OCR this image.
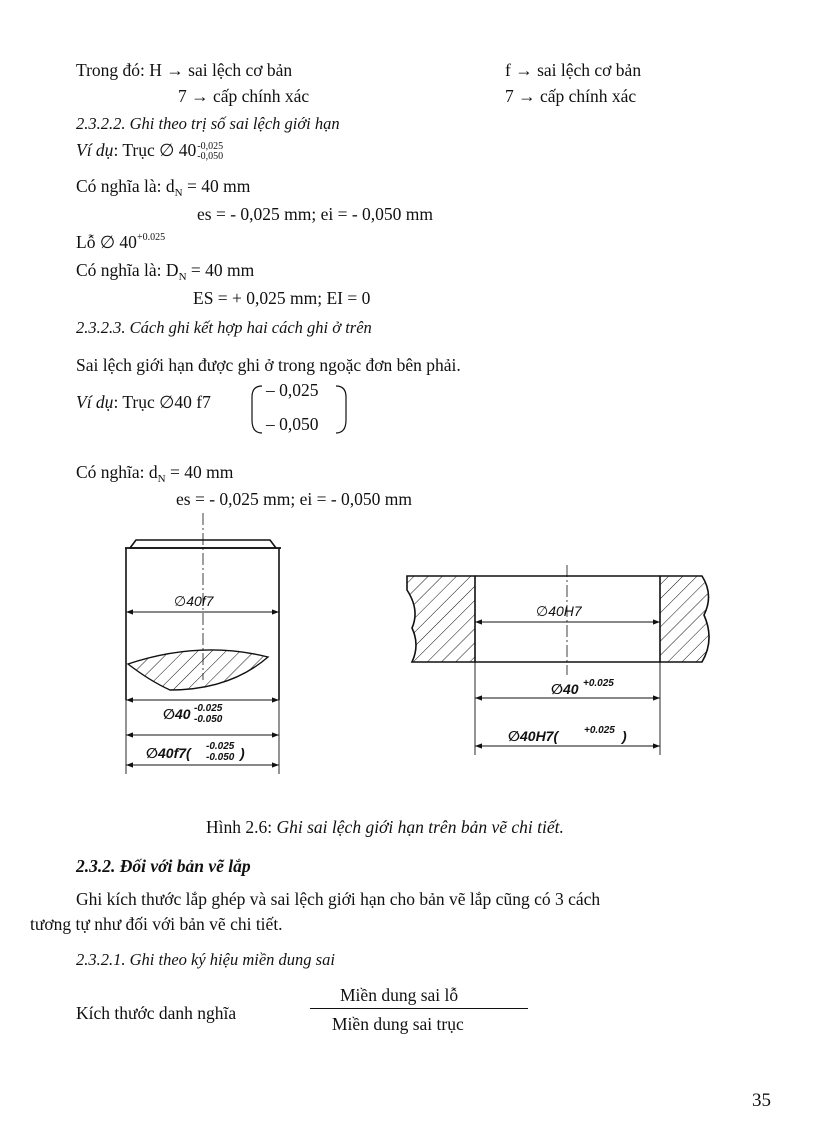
Trong đó: H → sai lệch cơ bản	f → sai lệch cơ bản
7 → cấp chính xác	7 → cấp chính xác
2.3.2.2. Ghi theo trị số sai lệch giới hạn
Ví dụ: Trục ∅ 40 -0,025
-0,050
Có nghĩa là: $d_N = 40$ mm
es = - 0,025 mm; ei = - 0,050 mm
Lỗ ∅ $40^{+0.025}$
Có nghĩa là: $D_N = 40$ mm
ES = + 0,025 mm; EI = 0
2.3.2.3. Cách ghi kết hợp hai cách ghi ở trên
Sai lệch giới hạn được ghi ở trong ngoặc đơn bên phải.
Ví dụ: Trục ∅40 f7
– 0,025
– 0,050
Có nghĩa: $d_N = 40$ mm
es = - 0,025 mm; ei = - 0,050 mm
∅40f7
∅40 -0.025
-0.050
∅40f7( -0.025
-0.050 )
∅40H7
∅40 +0.025
∅40H7(	+0.025 )
Hình 2.6: Ghi sai lệch giới hạn trên bản vẽ chi tiết.
2.3.2. Đối với bản vẽ lắp
Ghi kích thước lắp ghép và sai lệch giới hạn cho bản vẽ lắp cũng có 3 cách
tương tự như đối với bản vẽ chi tiết.
2.3.2.1. Ghi theo ký hiệu miền dung sai
Kích thước danh nghĩa
Miền dung sai lỗ
Miền dung sai trục
35
